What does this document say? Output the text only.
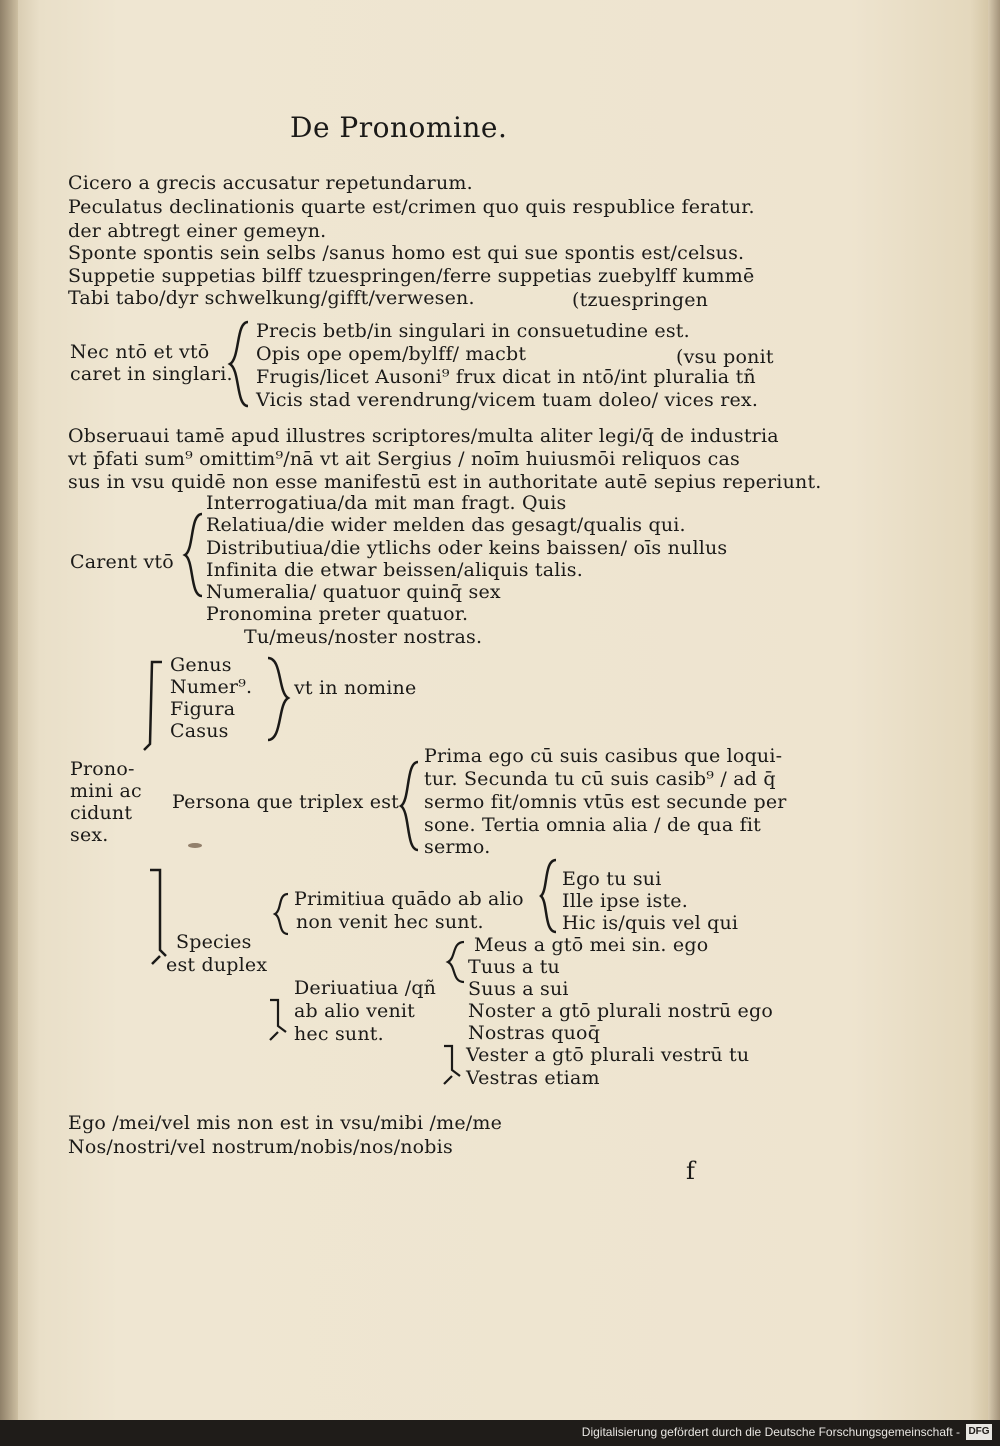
De Pronomine.
Cicero a grecis accusatur repetundarum.
Peculatus declinationis quarte est/crimen quo quis respublice feratur.
der abtregt einer gemeyn.
Sponte spontis sein selbs /sanus homo est qui sue spontis est/celsus.
Suppetie suppetias bilff tzuespringen/ferre suppetias zuebylff kummē
Tabi tabo/dyr schwelkung/gifft/verwesen.	(tzuespringen
Nec ntō et vtō
caret in singlari.
Precis betb/in singulari in consuetudine est.
Opis ope opem/bylff/ macbt	(vsu ponit
Frugis/licet Ausoni⁹ frux dicat in ntō/int pluralia tñ
Vicis stad verendrung/vicem tuam doleo/ vices rex.
Obseruaui tamē apud illustres scriptores/multa aliter legi/q̄ de industria
vt p̄fati sum⁹ omittim⁹/nā vt ait Sergius / noīm huiusmōi reliquos cas
sus in vsu quidē non esse manifestū est in authoritate autē sepius reperiunt.
Interrogatiua/da mit man fragt. Quis
Relatiua/die wider melden das gesagt/qualis qui.
Distributiua/die ytlichs oder keins baissen/ oīs nullus
Carent vtō Infinita die etwar beissen/aliquis talis.
Numeralia/ quatuor quinq̄ sex
Pronomina preter quatuor.
Tu/meus/noster nostras.
Genus
Numer⁹.
Figura
Casus
vt in nomine
Prono-
mini ac
cidunt
sex.
Persona que triplex est
Prima ego cū suis casibus que loqui-
tur. Secunda tu cū suis casib⁹ / ad q̄
sermo fit/omnis vtūs est secunde per
sone. Tertia omnia alia / de qua fit
sermo.
Species
est duplex
Primitiua quādo ab alio
non venit hec sunt.
Ego tu sui
Ille ipse iste.
Hic is/quis vel qui
Deriuatiua /qñ
ab alio venit
hec sunt.
Meus a gtō mei sin. ego
Tuus a tu
Suus a sui
Noster a gtō plurali nostrū ego
Nostras quoq̄
Vester a gtō plurali vestrū tu
Vestras etiam
Ego /mei/vel mis non est in vsu/mibi /me/me
Nos/nostri/vel nostrum/nobis/nos/nobis
f
Digitalisierung gefördert durch die Deutsche Forschungsgemeinschaft - DFG
